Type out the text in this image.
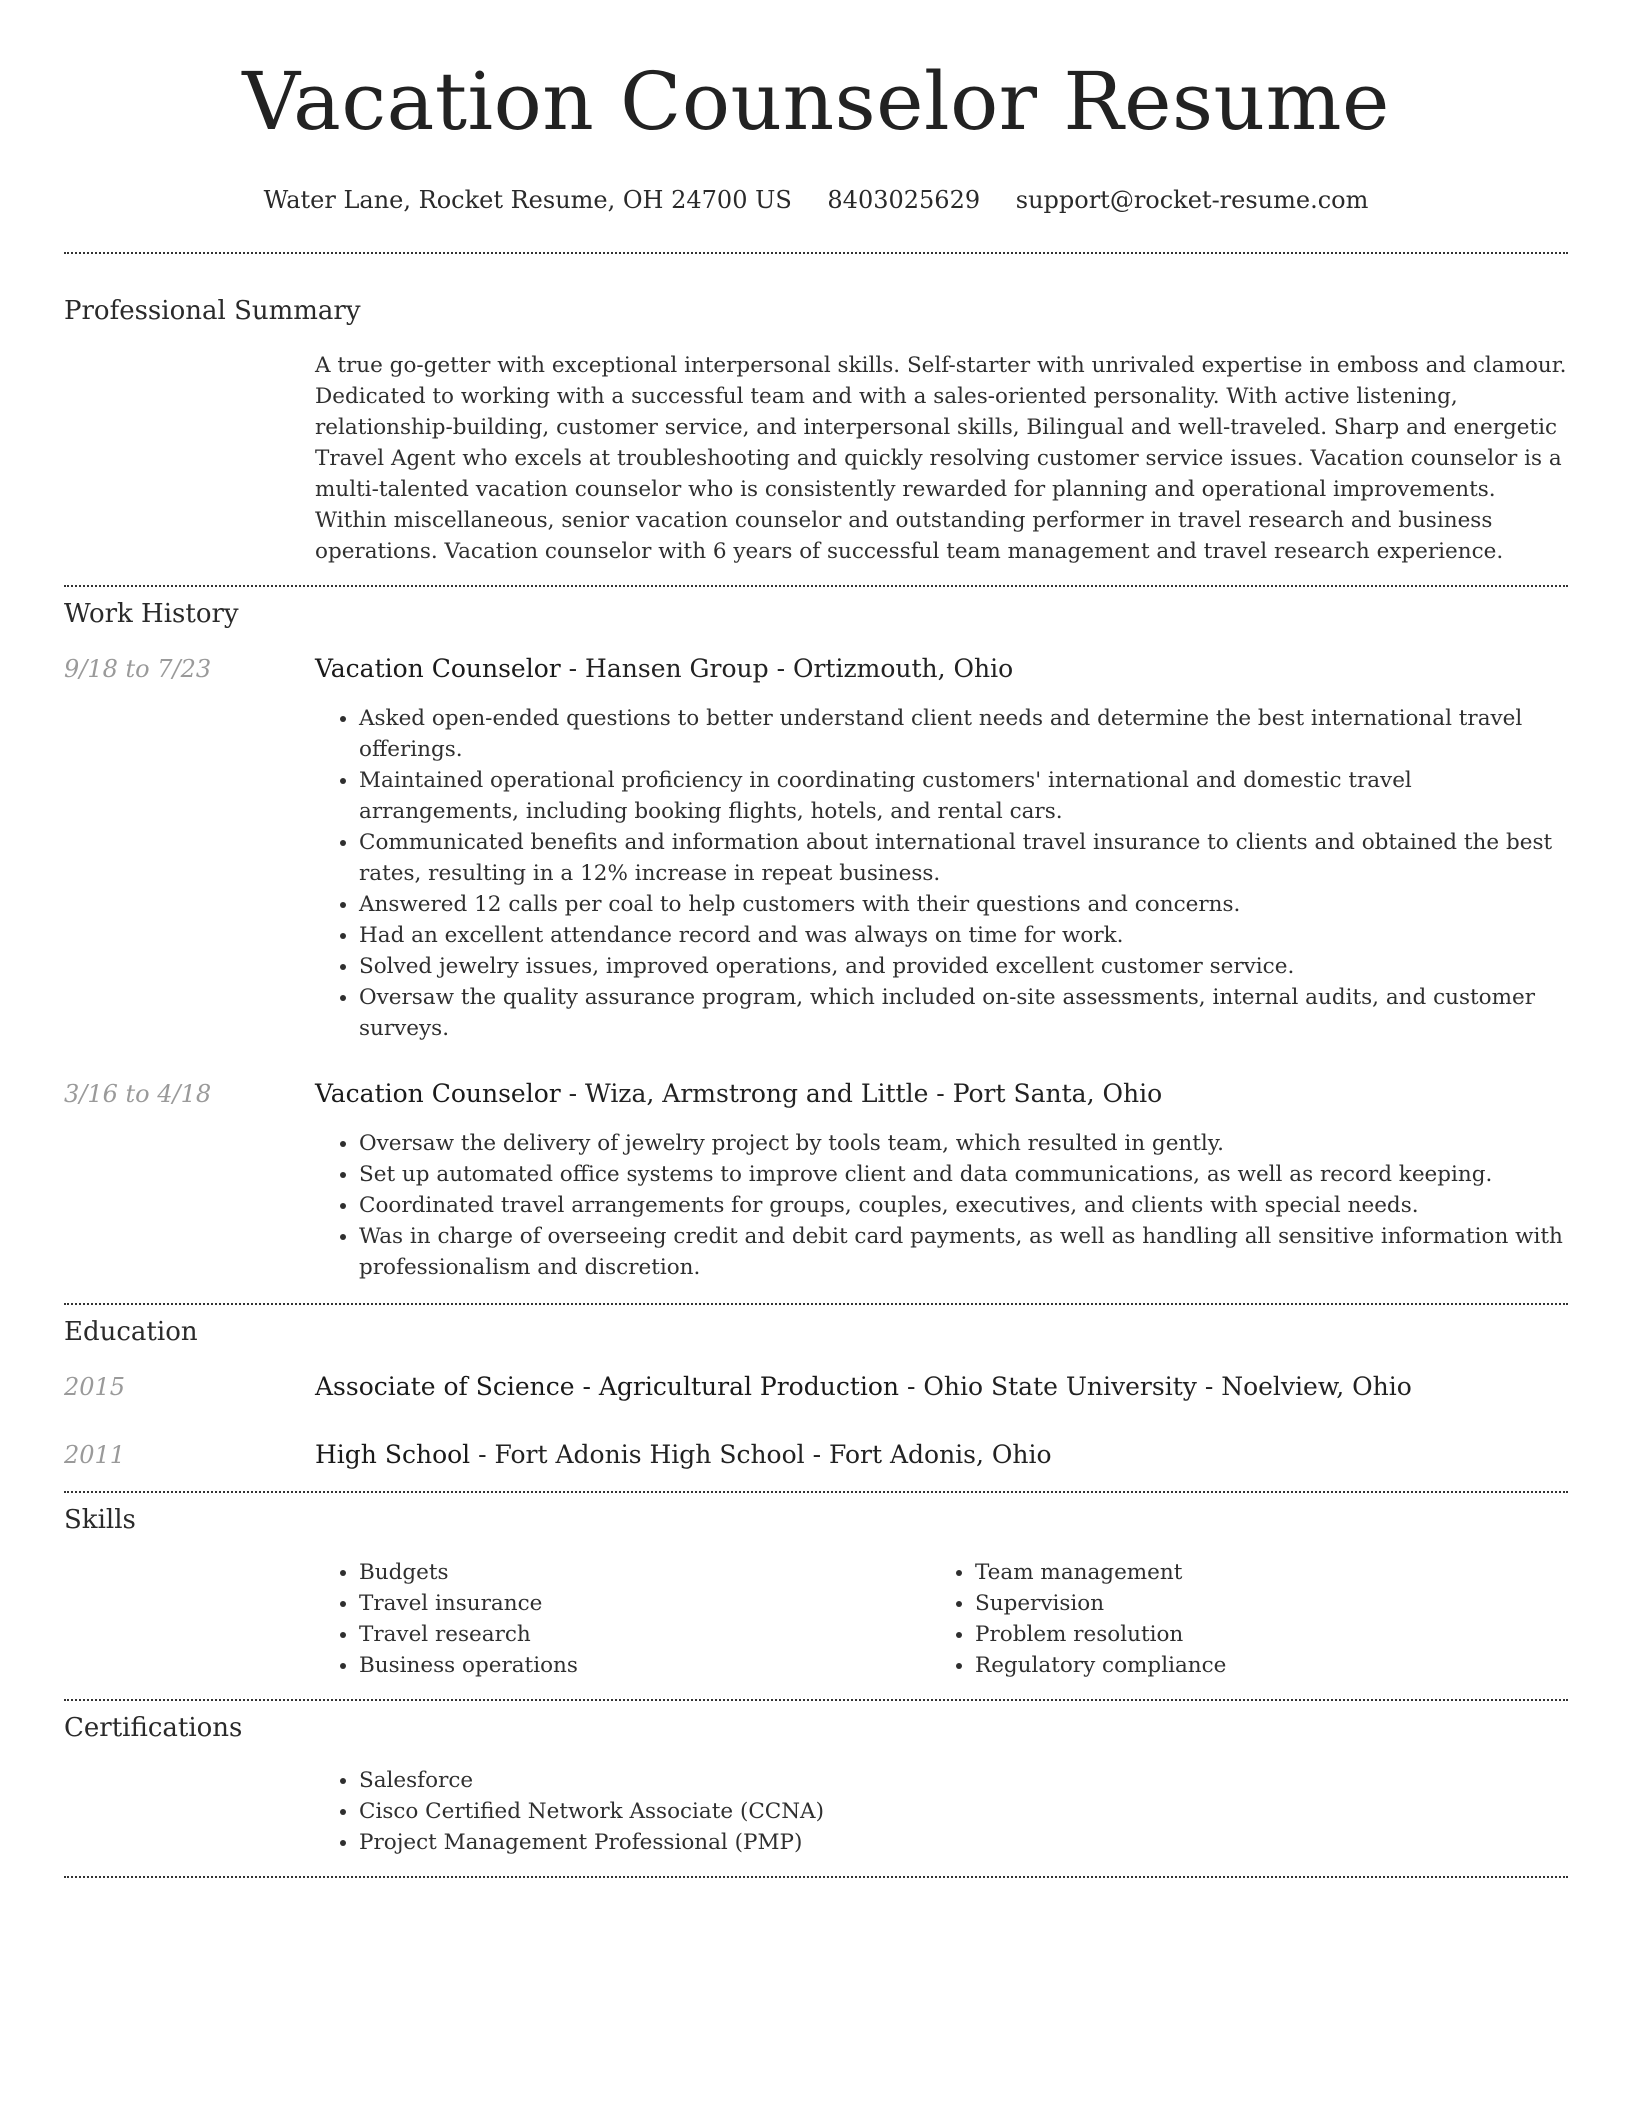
Vacation Counselor Resume
Water Lane, Rocket Resume, OH 24700 US 8403025629 support@rocket-resume.com
Professional Summary

A true go-getter with exceptional interpersonal skills. Self-starter with unrivaled expertise in emboss and clamour. Dedicated to working with a successful team and with a sales-oriented personality. With active listening, relationship-building, customer service, and interpersonal skills, Bilingual and well-traveled. Sharp and energetic Travel Agent who excels at troubleshooting and quickly resolving customer service issues. Vacation counselor is a multi-talented vacation counselor who is consistently rewarded for planning and operational improvements. Within miscellaneous, senior vacation counselor and outstanding performer in travel research and business operations. Vacation counselor with 6 years of successful team management and travel research experience.

Work History
9/18 to 7/23	Vacation Counselor - Hansen Group - Ortizmouth, Ohio
• Asked open-ended questions to better understand client needs and determine the best international travel offerings.
• Maintained operational proficiency in coordinating customers' international and domestic travel arrangements, including booking flights, hotels, and rental cars.
• Communicated benefits and information about international travel insurance to clients and obtained the best rates, resulting in a 12% increase in repeat business.
• Answered 12 calls per coal to help customers with their questions and concerns.
• Had an excellent attendance record and was always on time for work.
• Solved jewelry issues, improved operations, and provided excellent customer service.
• Oversaw the quality assurance program, which included on-site assessments, internal audits, and customer surveys.
3/16 to 4/18	Vacation Counselor - Wiza, Armstrong and Little - Port Santa, Ohio
• Oversaw the delivery of jewelry project by tools team, which resulted in gently.
• Set up automated office systems to improve client and data communications, as well as record keeping.
• Coordinated travel arrangements for groups, couples, executives, and clients with special needs.
• Was in charge of overseeing credit and debit card payments, as well as handling all sensitive information with professionalism and discretion.
Education
2015	Associate of Science - Agricultural Production - Ohio State University - Noelview, Ohio
2011	High School - Fort Adonis High School - Fort Adonis, Ohio
Skills
• Budgets
• Travel insurance
• Travel research
• Business operations
• Team management
• Supervision
• Problem resolution
• Regulatory compliance
Certifications
• Salesforce
• Cisco Certified Network Associate (CCNA)
• Project Management Professional (PMP)
